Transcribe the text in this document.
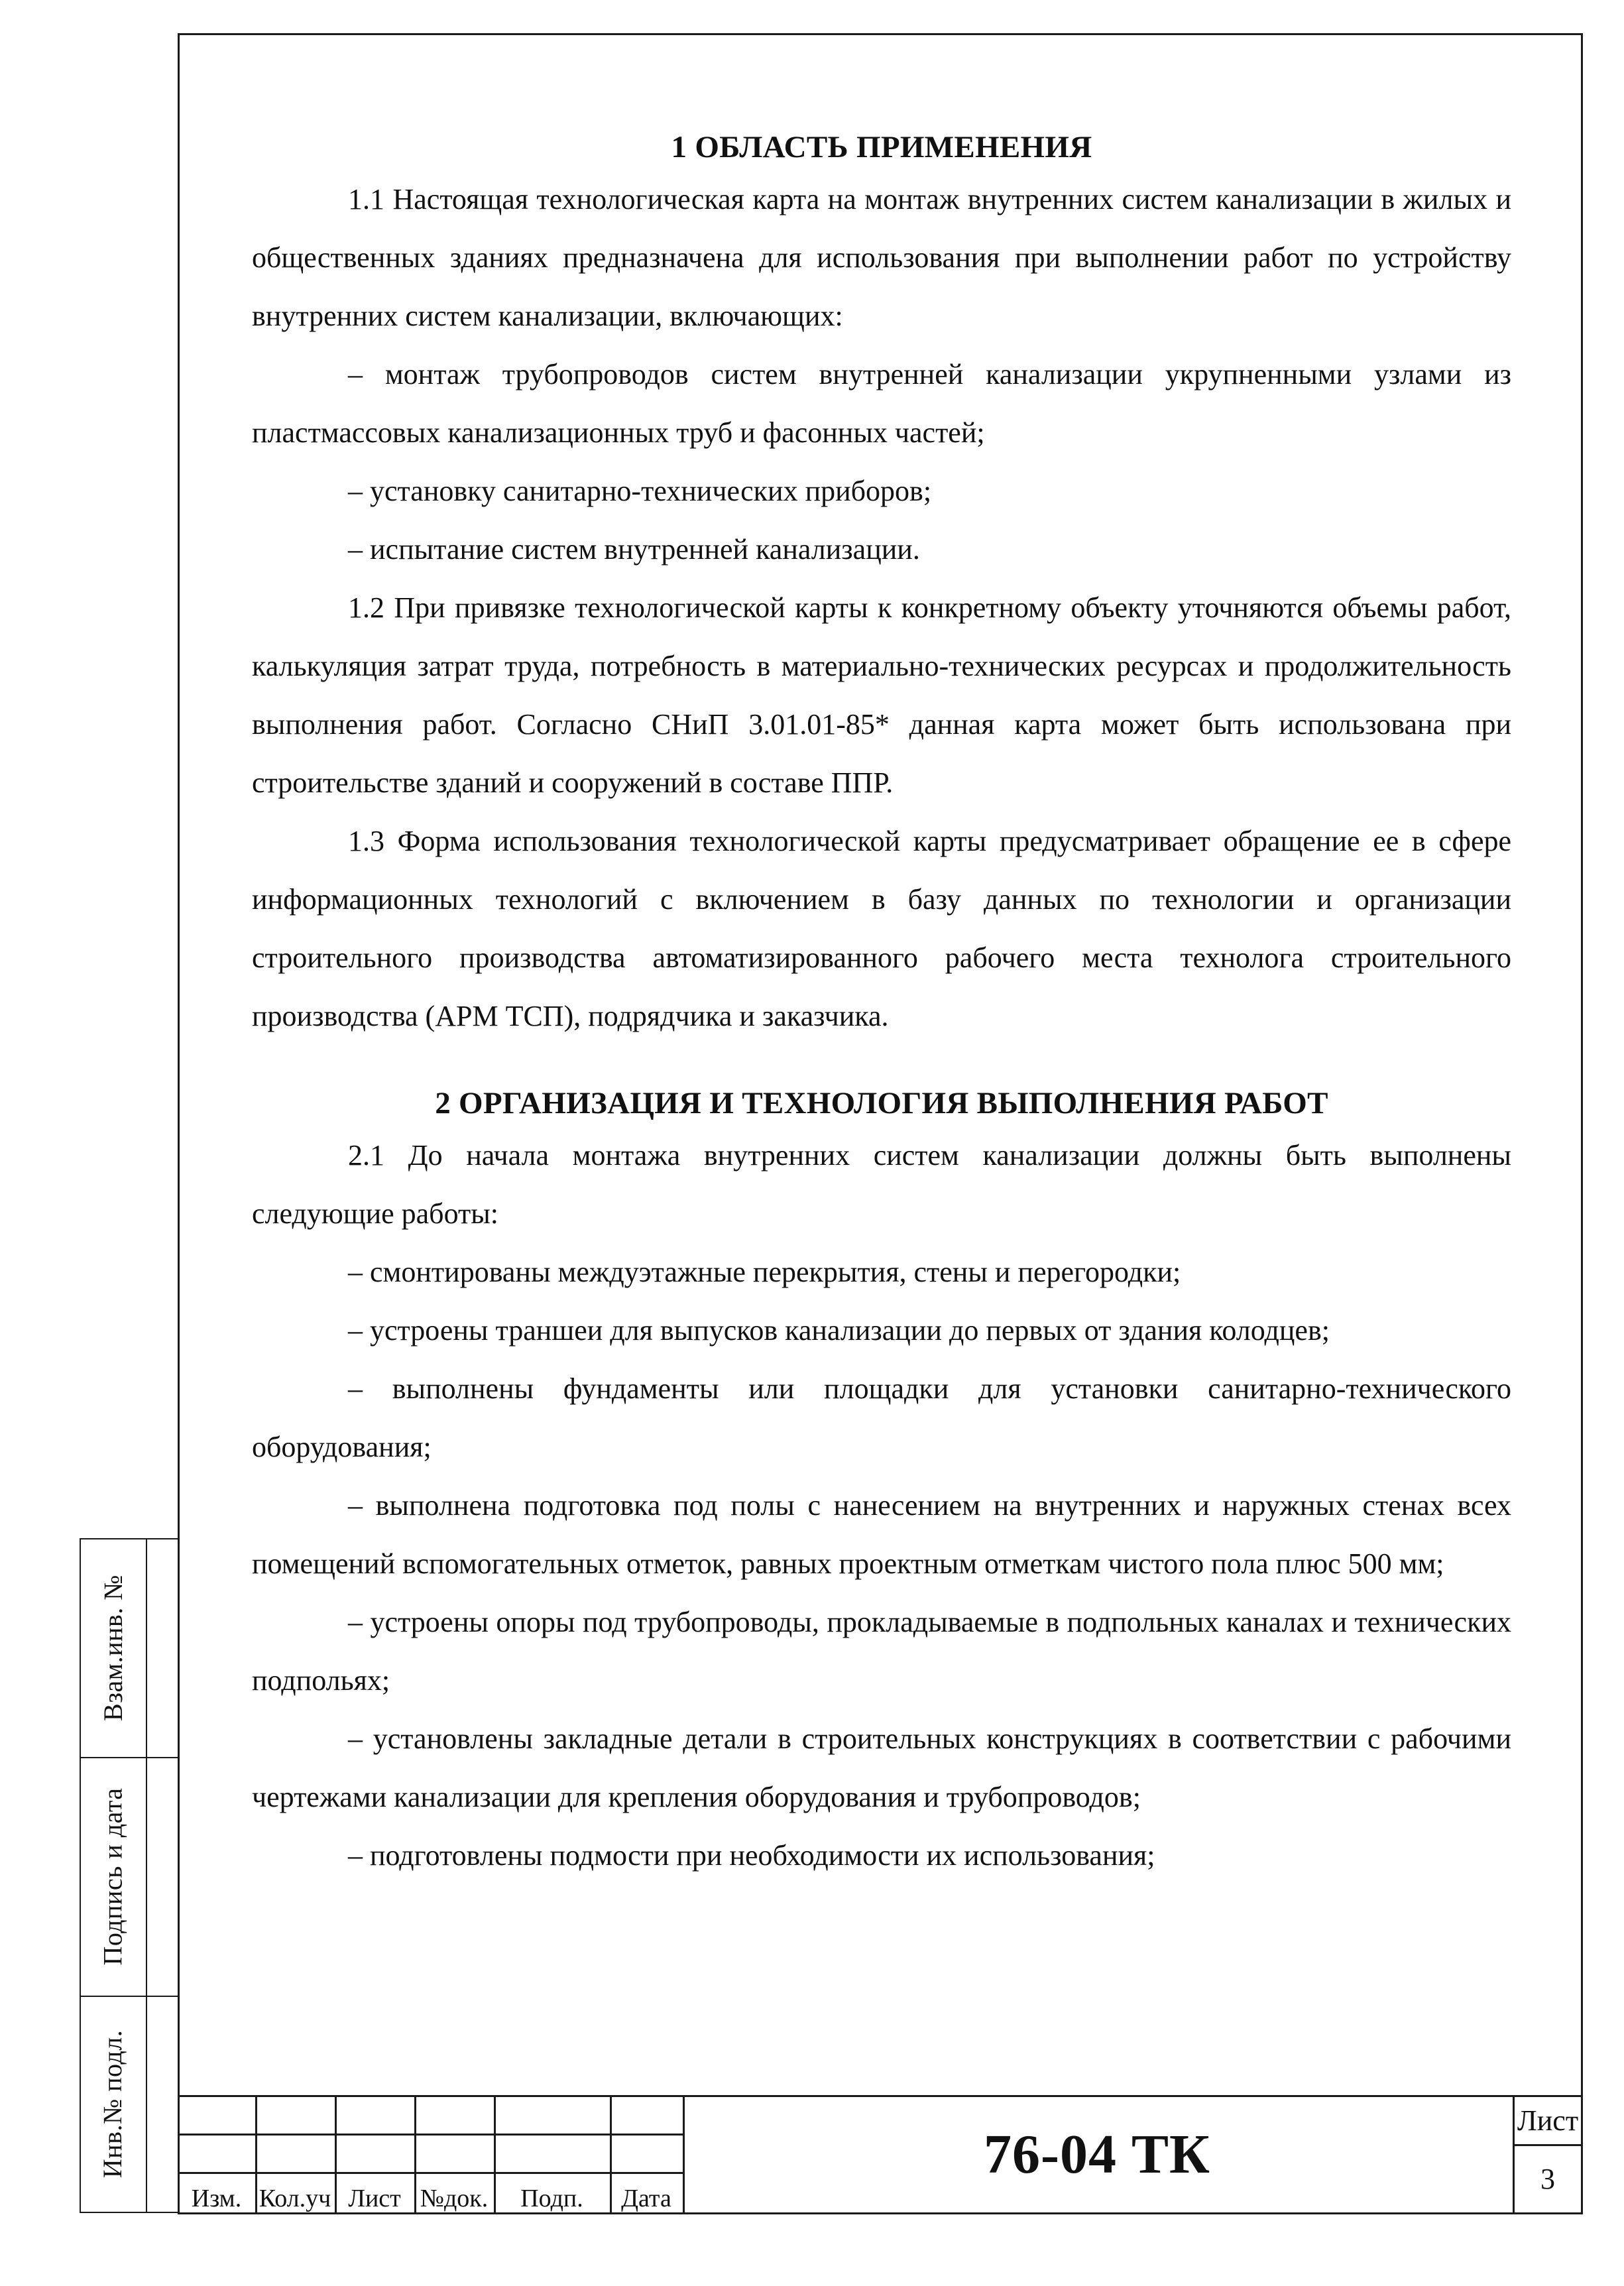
Взам.инв. №
Подпись и дата
Инв.№ подл.
1 ОБЛАСТЬ ПРИМЕНЕНИЯ

1.1 Настоящая технологическая карта на монтаж внутренних систем канализации в жилых и общественных зданиях предназначена для использования при выполнении работ по устройству внутренних систем канализации, включающих:

– монтаж трубопроводов систем внутренней канализации укрупненными узлами из пластмассовых канализационных труб и фасонных частей;

– установку санитарно-технических приборов;

– испытание систем внутренней канализации.

1.2 При привязке технологической карты к конкретному объекту уточняются объемы работ, калькуляция затрат труда, потребность в материально-технических ресурсах и продолжительность выполнения работ. Согласно СНиП 3.01.01-85* данная карта может быть использована при строительстве зданий и сооружений в составе ППР.

1.3 Форма использования технологической карты предусматривает обращение ее в сфере информационных технологий с включением в базу данных по технологии и организации строительного производства автоматизированного рабочего места технолога строительного производства (АРМ ТСП), подрядчика и заказчика.

2 ОРГАНИЗАЦИЯ И ТЕХНОЛОГИЯ ВЫПОЛНЕНИЯ РАБОТ

2.1 До начала монтажа внутренних систем канализации должны быть выполнены следующие работы:

– смонтированы междуэтажные перекрытия, стены и перегородки;

– устроены траншеи для выпусков канализации до первых от здания колодцев;

– выполнены фундаменты или площадки для установки санитарно-технического оборудования;

– выполнена подготовка под полы с нанесением на внутренних и наружных стенах всех помещений вспомогательных отметок, равных проектным отметкам чистого пола плюс 500 мм;

– устроены опоры под трубопроводы, прокладываемые в подпольных каналах и технических подпольях;

– установлены закладные детали в строительных конструкциях в соответствии с рабочими чертежами канализации для крепления оборудования и трубопроводов;

– подготовлены подмости при необходимости их использования;

Изм. Кол.уч Лист №док.	Подп.	Дата
76-04 ТК
Лист
3
